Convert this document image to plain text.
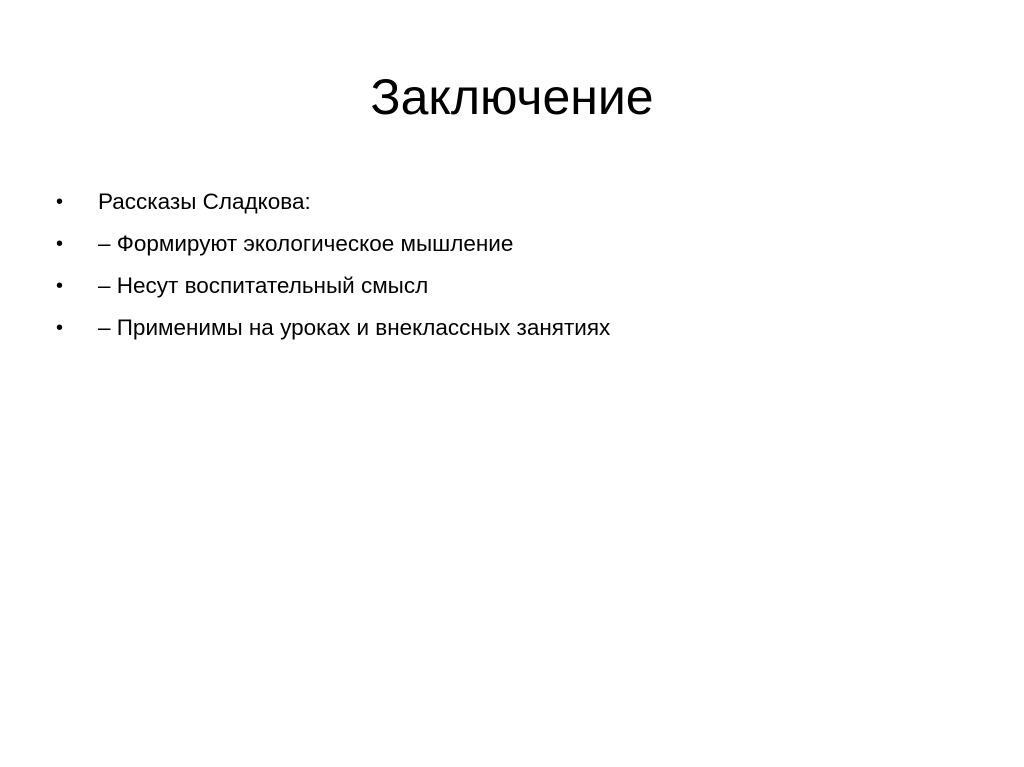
Заключение
•	Рассказы Сладкова:
•	– Формируют экологическое мышление
•	– Несут воспитательный смысл
•	– Применимы на уроках и внеклассных занятиях
